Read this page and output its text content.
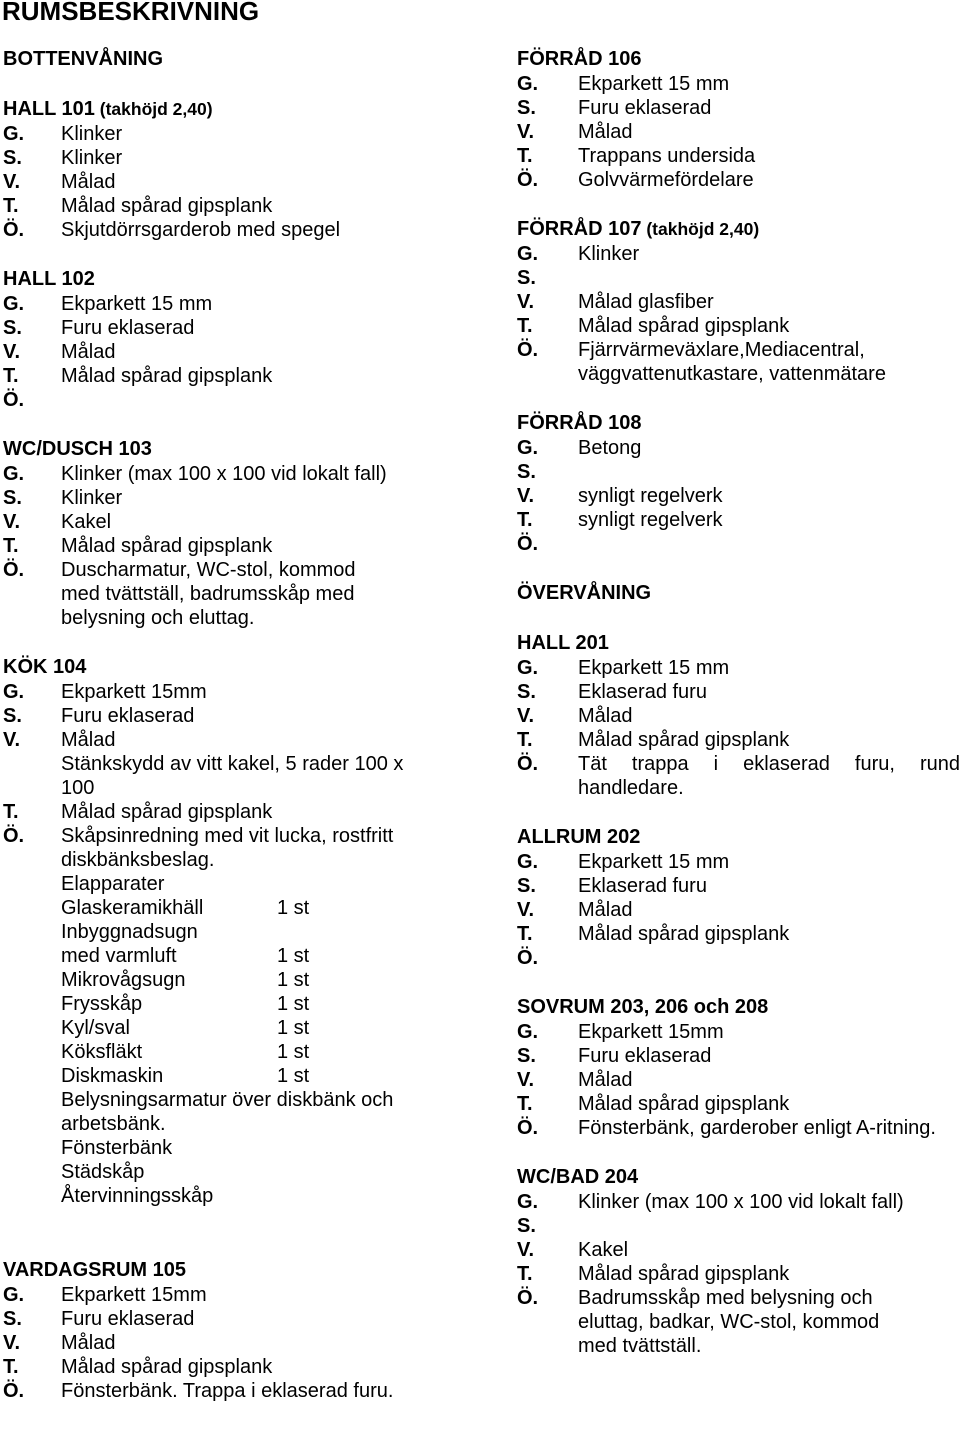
RUMSBESKRIVNING
BOTTENVÅNING
HALL 101 (takhöjd 2,40)
G.	Klinker
S.	Klinker
V.	Målad
T.	Målad spårad gipsplank
Ö.	Skjutdörrsgarderob med spegel
HALL 102
G.	Ekparkett 15 mm
S.	Furu eklaserad
V.	Målad
T.	Målad spårad gipsplank
Ö.
WC/DUSCH 103
G.	Klinker (max 100 x 100 vid lokalt fall)
S.	Klinker
V.	Kakel
T.	Målad spårad gipsplank
Ö.	Duscharmatur, WC-stol, kommod
med tvättställ, badrumsskåp med
belysning och eluttag.
KÖK 104
G.	Ekparkett 15mm
S.	Furu eklaserad
V.	Målad
Stänkskydd av vitt kakel, 5 rader 100 x
100
T.	Målad spårad gipsplank
Ö.	Skåpsinredning med vit lucka, rostfritt
diskbänksbeslag.
Elapparater
Glaskeramikhäll	1 st
Inbyggnadsugn
med varmluft	1 st
Mikrovågsugn	1 st
Frysskåp	1 st
Kyl/sval	1 st
Köksfläkt	1 st
Diskmaskin	1 st
Belysningsarmatur över diskbänk och
arbetsbänk.
Fönsterbänk
Städskåp
Återvinningsskåp
VARDAGSRUM 105
G.	Ekparkett 15mm
S.	Furu eklaserad
V.	Målad
T.	Målad spårad gipsplank
Ö.	Fönsterbänk. Trappa i eklaserad furu.
FÖRRÅD 106
G.	Ekparkett 15 mm
S.	Furu eklaserad
V.	Målad
T.	Trappans undersida
Ö.	Golvvärmefördelare
FÖRRÅD 107 (takhöjd 2,40)
G.	Klinker
S.
V.	Målad glasfiber
T.	Målad spårad gipsplank
Ö.	Fjärrvärmeväxlare,Mediacentral,
väggvattenutkastare, vattenmätare
FÖRRÅD 108
G.	Betong
S.
V.	synligt regelverk
T.	synligt regelverk
Ö.
ÖVERVÅNING
HALL 201
G.	Ekparkett 15 mm
S.	Eklaserad furu
V.	Målad
T.	Målad spårad gipsplank
Ö.	Tät trappa i eklaserad furu, rund
handledare.
ALLRUM 202
G.	Ekparkett 15 mm
S.	Eklaserad furu
V.	Målad
T.	Målad spårad gipsplank
Ö.
SOVRUM 203, 206 och 208
G.	Ekparkett 15mm
S.	Furu eklaserad
V.	Målad
T.	Målad spårad gipsplank
Ö.	Fönsterbänk, garderober enligt A-ritning.
WC/BAD 204
G.	Klinker (max 100 x 100 vid lokalt fall)
S.
V.	Kakel
T.	Målad spårad gipsplank
Ö.	Badrumsskåp med belysning och
eluttag, badkar, WC-stol, kommod
med tvättställ.
